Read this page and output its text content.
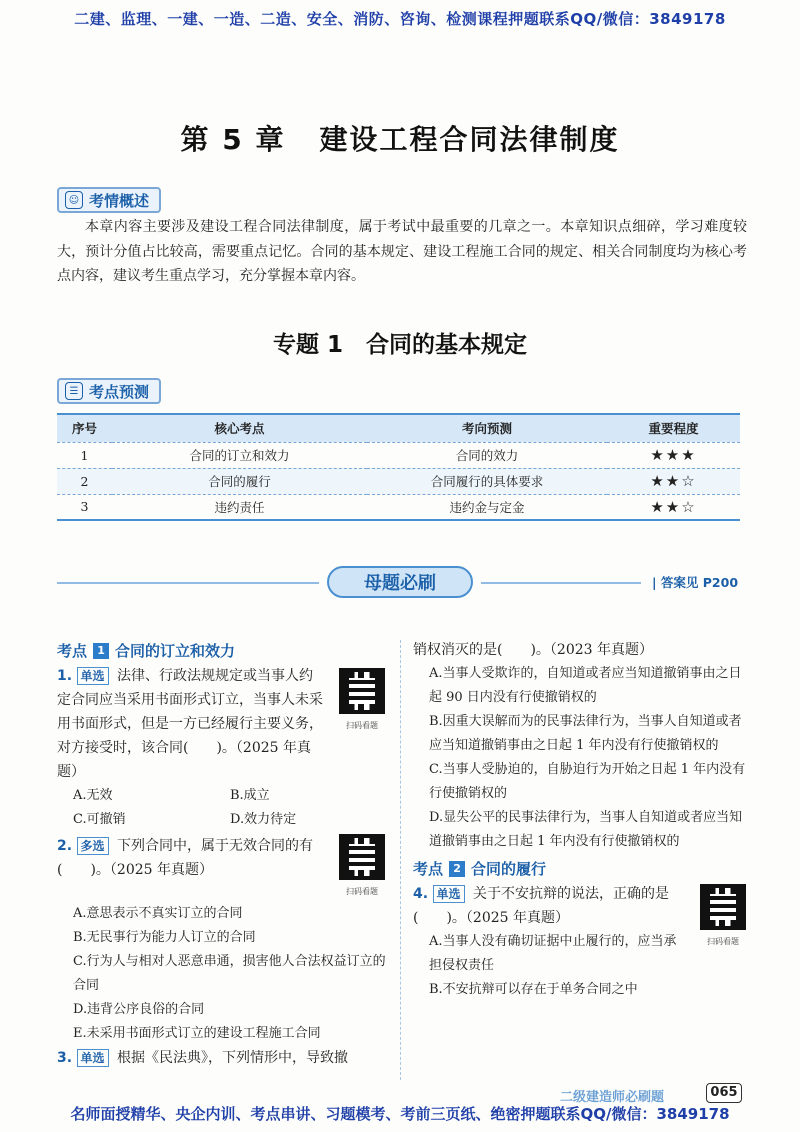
二建、监理、一建、一造、二造、安全、消防、咨询、检测课程押题联系QQ/微信：3849178
第 5 章 建设工程合同法律制度
☺ 考情概述
本章内容主要涉及建设工程合同法律制度，属于考试中最重要的几章之一。本章知识点细碎，学习难度较大，预计分值占比较高，需要重点记忆。合同的基本规定、建设工程施工合同的规定、相关合同制度均为核心考点内容，建议考生重点学习，充分掌握本章内容。
专题 1　合同的基本规定
☰ 考点预测
序号	核心考点	考向预测	重要程度
1	合同的订立和效力	合同的效力	★★★
2	合同的履行	合同履行的具体要求	★★☆
3	违约责任	违约金与定金	★★☆
母题必刷	| 答案见 P200
考点 1 合同的订立和效力
扫码看题
1. 单选 法律、行政法规规定或当事人约定合同应当采用书面形式订立，当事人未采用书面形式，但是一方已经履行主要义务，对方接受时，该合同(　　)。（2025 年真题）
A.无效	B.成立
C.可撤销	D.效力待定
扫码看题
2. 多选 下列合同中，属于无效合同的有(　　)。（2025 年真题）
A.意思表示不真实订立的合同
B.无民事行为能力人订立的合同
C.行为人与相对人恶意串通，损害他人合法权益订立的合同
D.违背公序良俗的合同
E.未采用书面形式订立的建设工程施工合同
3. 单选 根据《民法典》，下列情形中，导致撤
销权消灭的是(　　)。（2023 年真题）
A.当事人受欺诈的，自知道或者应当知道撤销事由之日起 90 日内没有行使撤销权的
B.因重大误解而为的民事法律行为，当事人自知道或者应当知道撤销事由之日起 1 年内没有行使撤销权的
C.当事人受胁迫的，自胁迫行为开始之日起 1 年内没有行使撤销权的
D.显失公平的民事法律行为，当事人自知道或者应当知道撤销事由之日起 1 年内没有行使撤销权的
考点 2 合同的履行
扫码看题
4. 单选 关于不安抗辩的说法，正确的是(　　)。（2025 年真题）
A.当事人没有确切证据中止履行的，应当承担侵权责任
B.不安抗辩可以存在于单务合同之中
二级建造师必刷题	065
名师面授精华、央企内训、考点串讲、习题模考、考前三页纸、绝密押题联系QQ/微信：3849178
